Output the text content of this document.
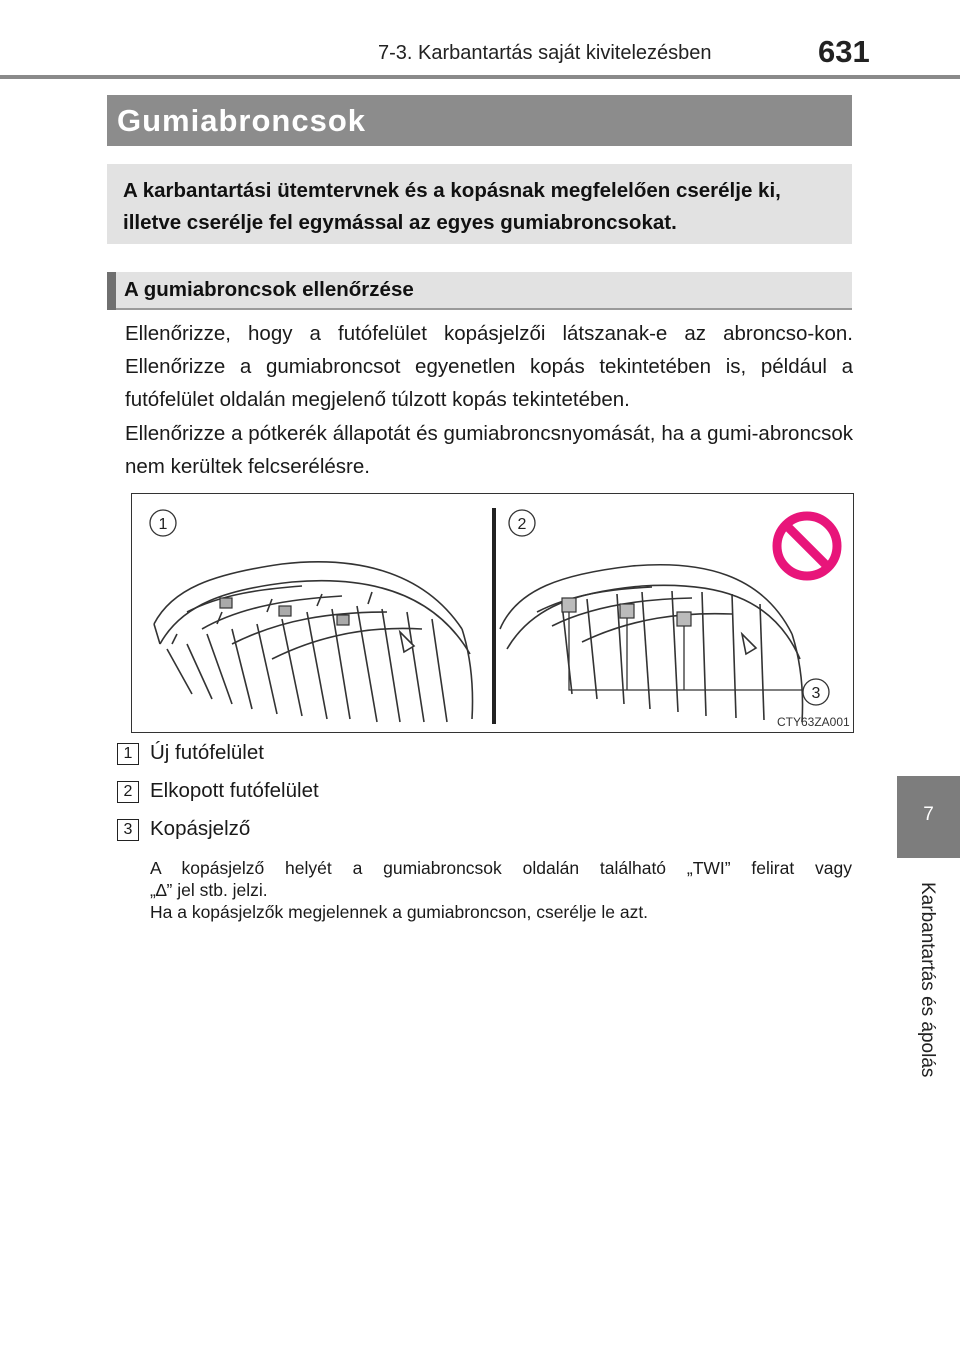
7-3. Karbantartás saját kivitelezésben	631
7
Karbantartás és ápolás
Gumiabroncsok

A karbantartási ütemtervnek és a kopásnak megfelelően cserélje ki, illetve cserélje fel egymással az egyes gumiabroncsokat.

A gumiabroncsok ellenőrzése

Ellenőrizze, hogy a futófelület kopásjelzői látszanak-e az abroncso-kon. Ellenőrizze a gumiabroncsot egyenetlen kopás tekintetében is, például a futófelület oldalán megjelenő túlzott kopás tekintetében.

Ellenőrizze a pótkerék állapotát és gumiabroncsnyomását, ha a gumi-abroncsok nem kerültek felcserélésre.

1	2
3
CTY63ZA001
1 Új futófelület
2 Elkopott futófelület
3 Kopásjelző
A kopásjelző helyét a gumiabroncsok oldalán található „TWI” felirat vagy
„∆” jel stb. jelzi.
Ha a kopásjelzők megjelennek a gumiabroncson, cserélje le azt.
